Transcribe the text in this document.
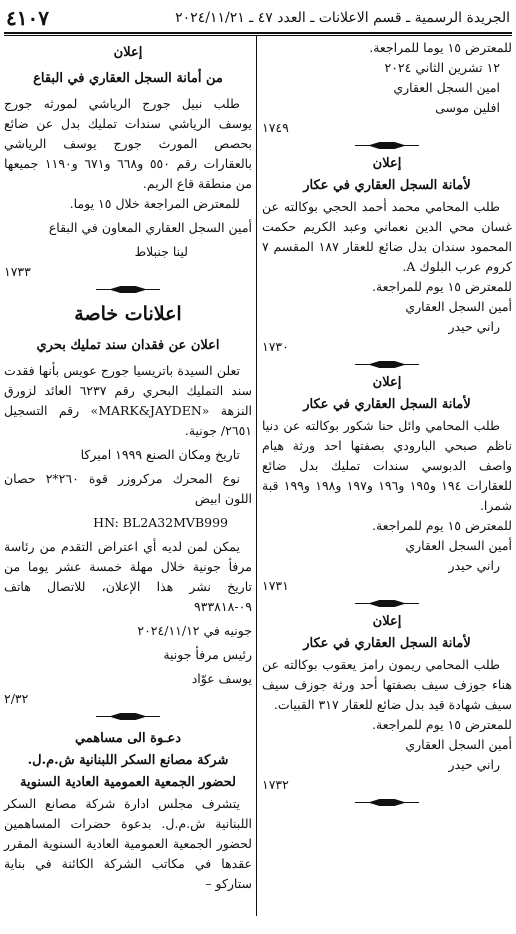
الجريدة الرسمية ـ قسم الاعلانات ـ العدد ٤٧ ـ ٢٠٢٤/١١/٢١
٤١٠٧

للمعترض ١٥ يوما للمراجعة.

١٢ تشرين الثاني ٢٠٢٤

امين السجل العقاري

افلين موسى

١٧٤٩

إعلان

لأمانة السجل العقاري في عكار

طلب المحامي محمد أحمد الحجي بوكالته عن غسان محي الدين نعماني وعبد الكريم حكمت المحمود سندان بدل ضائع للعقار ١٨٧ المقسم ٧ كروم عرب البلوك A.

للمعترض ١٥ يوم للمراجعة.

أمين السجل العقاري

راني حيدر

١٧٣٠

إعلان

لأمانة السجل العقاري في عكار

طلب المحامي وائل حنا شكور بوكالته عن دنيا ناظم صبحي البارودي بصفتها احد ورثة هيام واصف الدبوسي سندات تمليك بدل ضائع للعقارات ١٩٤ و١٩٥ و١٩٦ و١٩٧ و١٩٨ و١٩٩ قبة شمرا.

للمعترض ١٥ يوم للمراجعة.

أمين السجل العقاري

راني حيدر

١٧٣١

إعلان

لأمانة السجل العقاري في عكار

طلب المحامي ريمون رامز يعقوب بوكالته عن هناء جوزف سيف بصفتها أحد ورثة جوزف سيف سيف شهادة قيد بدل ضائع للعقار ٣١٧ القبيات.

للمعترض ١٥ يوم للمراجعة.

أمين السجل العقاري

راني حيدر

١٧٣٢

إعلان

من أمانة السجل العقاري في البقاع

طلب نبيل جورج الرياشي لمورثه جورج يوسف الرياشي سندات تمليك بدل عن ضائع بحصص المورث جورج يوسف الرياشي بالعقارات رقم ٥٥٠ و٦٦٨ و٦٧١ و١١٩٠ جميعها من منطقة قاع الريم.

للمعترض المراجعة خلال ١٥ يوما.

أمين السجل العقاري المعاون في البقاع

لينا جنبلاط

١٧٣٣

اعلانات خاصة

اعلان عن فقدان سند تمليك بحري

تعلن السيدة باتريسيا جورج عويس بأنها فقدت سند التمليك البحري رقم ٦٢٣٧ العائد لزورق النزهة «MARK&JAYDEN» رقم التسجيل ٢٦٥١/ جونية.

تاريخ ومكان الصنع ١٩٩٩ اميركا

نوع المحرك مركروزر قوة ٢٦٠*٢ حصان اللون ابيض

HN: BL2A32MVB999

يمكن لمن لديه أي اعتراض التقدم من رئاسة مرفأ جونية خلال مهلة خمسة عشر يوما من تاريخ نشر هذا الإعلان، للاتصال هاتف ٠٩-٩٣٣٨١٨

جونيه في ٢٠٢٤/١١/١٢

رئيس مرفأ جونية

يوسف عوّاد

٢/٣٢

دعـوة الى مساهمي

شركة مصانع السكر اللبنانية ش.م.ل.

لحضور الجمعية العمومية العادية السنوية

يتشرف مجلس ادارة شركة مصانع السكر اللبنانية ش.م.ل. بدعوة حضرات المساهمين لحضور الجمعية العمومية العادية السنوية المقرر عقدها في مكاتب الشركة الكائنة في بناية ستاركو –
